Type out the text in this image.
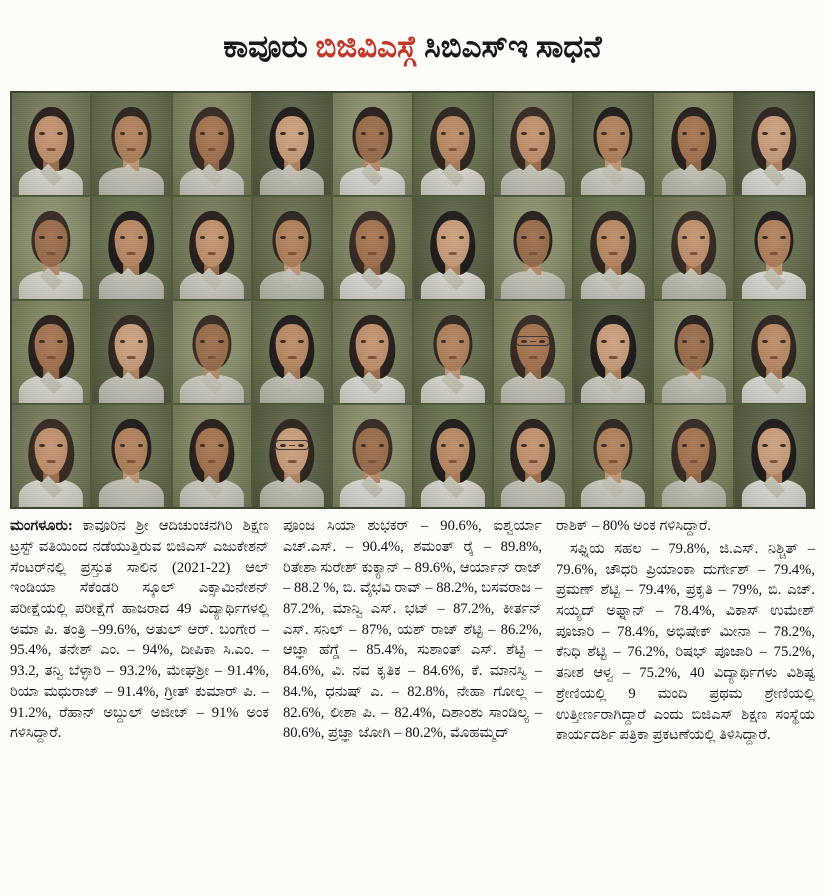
ಕಾವೂರು ಬಿಜಿವಿಎಸ್ಗೆ ಸಿಬಿಎಸ್ಇ ಸಾಧನೆ

ಮಂಗಳೂರು: ಕಾವೂರಿನ ಶ್ರೀ ಆದಿಚುಂಚನಗಿರಿ ಶಿಕ್ಷಣ ಟ್ರಸ್ಟ್ ವತಿಯಿಂದ ನಡೆಯುತ್ತಿರುವ ಬಿಜಿಎಸ್ ಎಜುಕೇಶನ್ ಸೆಂಟರ್‌ನಲ್ಲಿ ಪ್ರಸ್ತುತ ಸಾಲಿನ (2021-22) ಆಲ್ ಇಂಡಿಯಾ ಸೆಕೆಂಡರಿ ಸ್ಕೂಲ್ ಎಕ್ಸಾಮಿನೇಶನ್ ಪರೀಕ್ಷೆಯಲ್ಲಿ ಪರೀಕ್ಷೆಗೆ ಹಾಜರಾದ 49 ವಿದ್ಯಾರ್ಥಿಗಳಲ್ಲಿ ಅಮಾ ಪಿ. ತಂತ್ರಿ –99.6%, ಅತುಲ್ ಆರ್. ಬಂಗೇರ – 95.4%, ತನೇಶ್ ಎಂ. – 94%, ದೀಪಿಕಾ ಸಿ.ಎಂ. – 93.2, ತನ್ವಿ ಬೆಳ್ಳಾರಿ – 93.2%, ಮೇಘಶ್ರೀ – 91.4%, ರಿಯಾ ಮಧುರಾಜ್ – 91.4%, ಗ್ರೀತ್ ಕುಮಾರ್ ಪಿ. – 91.2%, ರೆಹಾನ್ ಅಬ್ದುಲ್ ಅಜೀಜ್ – 91% ಅಂಕ ಗಳಿಸಿದ್ದಾರೆ.

ಪೂಂಜ ಸಿಯಾ ಶುಭಕರ್ – 90.6%, ಐಶ್ವರ್ಯಾ ಎಚ್.ಎಸ್. – 90.4%, ಶಮಂತ್ ರೈ – 89.8%, ರಿತೇಶಾ ಸುರೇಶ್ ಕುಕ್ಯಾನ್ – 89.6%, ಆರ್ಯಾನ್ ರಾಜ್ – 88.2 %, ಬಿ. ವೈಭವಿ ರಾವ್ – 88.2%, ಬಸವರಾಜ – 87.2%, ಮಾನ್ವಿ ಎಸ್. ಭಟ್ – 87.2%, ಕೀರ್ತನ್ ಎಸ್. ಸನಿಲ್ – 87%, ಯಶ್ ರಾಜ್ ಶೆಟ್ಟಿ – 86.2%, ಆಜ್ಞಾ ಹೆಗ್ಡೆ – 85.4%, ಸುಶಾಂತ್ ಎಸ್. ಶೆಟ್ಟಿ – 84.6%, ವಿ. ನವ ಕೃತಿಕ – 84.6%, ಕೆ. ಮಾನಸ್ವಿ – 84.%, ಧನುಷ್ ಎ. – 82.8%, ನೇಹಾ ಗೋಲ್ಲ – 82.6%, ಲೀಶಾ ಪಿ. – 82.4%, ದಿಶಾಂಶು ಸಾಂಡಿಲ್ಯ – 80.6%, ಪ್ರಜ್ಞಾ ಜೋಗಿ – 80.2%, ಮೊಹಮ್ಮದ್

ರಾಶಿಕ್ – 80% ಅಂಕ ಗಳಿಸಿದ್ದಾರೆ.

ಸಫ್ನಿಯ ಸಹಲ – 79.8%, ಜಿ.ಎಸ್. ನಿಶ್ಚಿತ್ – 79.6%, ಚೌಧರಿ ಪ್ರಿಯಾಂಕಾ ದುರ್ಗೇಶ್ – 79.4%, ಪ್ರಮಣ್ ಶೆಟ್ಟಿ – 79.4%, ಪ್ರಕೃತಿ – 79%, ಬಿ. ಎಚ್. ಸಯ್ಯದ್ ಅಫ್ನಾನ್ – 78.4%, ವಿಕಾಸ್ ಉಮೇಶ್ ಪೂಜಾರಿ – 78.4%, ಅಭಿಷೇಕ್ ಮೀನಾ – 78.2%, ಕೆನಿಧಿ ಶೆಟ್ಟಿ – 76.2%, ರಿಷಭ್ ಪೂಜಾರಿ – 75.2%, ತನೀಶ ಆಳ್ವ – 75.2%, 40 ವಿದ್ಯಾರ್ಥಿಗಳು ವಿಶಿಷ್ಟ ಶ್ರೇಣಿಯಲ್ಲಿ 9 ಮಂದಿ ಪ್ರಥಮ ಶ್ರೇಣಿಯಲ್ಲಿ ಉತ್ತೀರ್ಣರಾಗಿದ್ದಾರೆ ಎಂದು ಬಿಜಿಎಸ್ ಶಿಕ್ಷಣ ಸಂಸ್ಥೆಯ ಕಾರ್ಯದರ್ಶಿ ಪತ್ರಿಕಾ ಪ್ರಕಟಣೆಯಲ್ಲಿ ತಿಳಿಸಿದ್ದಾರೆ.
